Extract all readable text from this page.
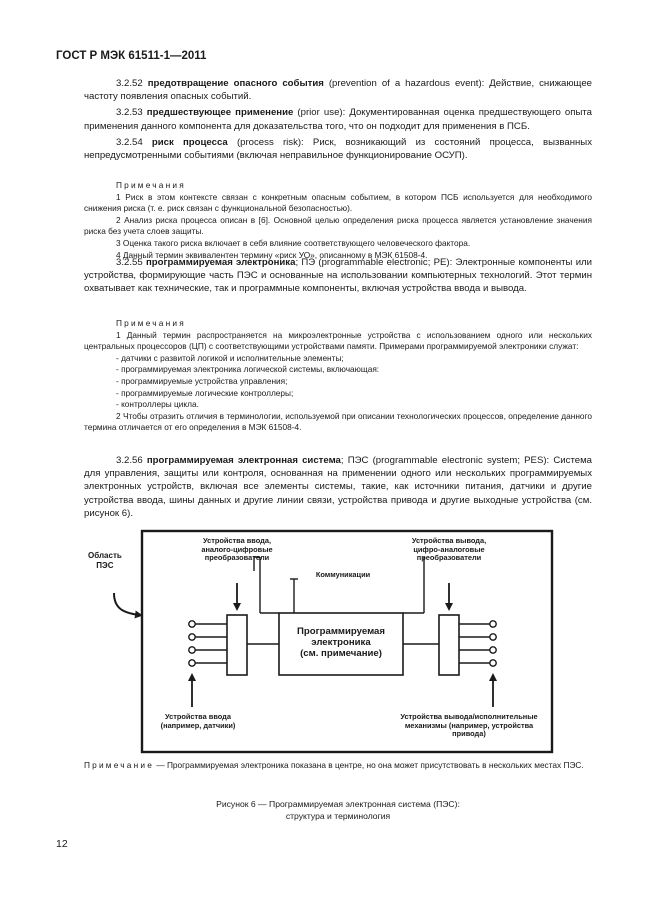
ГОСТ Р МЭК 61511-1—2011

3.2.52 предотвращение опасного события (prevention of a hazardous event): Действие, снижающее частоту появления опасных событий.

3.2.53 предшествующее применение (prior use): Документированная оценка предшествующего опыта применения данного компонента для доказательства того, что он подходит для применения в ПСБ.

3.2.54 риск процесса (process risk): Риск, возникающий из состояний процесса, вызванных непредусмотренными событиями (включая неправильное функционирование ОСУП).

Примечания

1 Риск в этом контексте связан с конкретным опасным событием, в котором ПСБ используется для необходимого снижения риска (т. е. риск связан с функциональной безопасностью).

2 Анализ риска процесса описан в [6]. Основной целью определения риска процесса является установление значения риска без учета слоев защиты.

3 Оценка такого риска включает в себя влияние соответствующего человеческого фактора.

4 Данный термин эквивалентен термину «риск УО», описанному в МЭК 61508-4.

3.2.55 программируемая электроника; ПЭ (programmable electronic; PE): Электронные компоненты или устройства, формирующие часть ПЭС и основанные на использовании компьютерных технологий. Этот термин охватывает как технические, так и программные компоненты, включая устройства ввода и вывода.

Примечания

1 Данный термин распространяется на микроэлектронные устройства с использованием одного или нескольких центральных процессоров (ЦП) с соответствующими устройствами памяти. Примерами программируемой электроники служат:

- датчики с развитой логикой и исполнительные элементы;

- программируемая электроника логической системы, включающая:

- программируемые устройства управления;

- программируемые логические контроллеры;

- контроллеры цикла.

2 Чтобы отразить отличия в терминологии, используемой при описании технологических процессов, определение данного термина отличается от его определения в МЭК 61508-4.

3.2.56 программируемая электронная система; ПЭС (programmable electronic system; PES): Система для управления, защиты или контроля, основанная на применении одного или нескольких программируемых электронных устройств, включая все элементы системы, такие, как источники питания, датчики и другие устройства ввода, шины данных и другие линии связи, устройства привода и другие выходные устройства (см. рисунок 6).

Область
ПЭС
Устройства ввода,
аналого-цифровые
преобразователи
Устройства вывода,
цифро-аналоговые
преобразователи
Коммуникации
Программируемая
электроника
(см. примечание)
Устройства ввода
(например, датчики)
Устройства вывода/исполнительные
механизмы (например, устройства
привода)
Примечание — Программируемая электроника показана в центре, но она может присутствовать в нескольких местах ПЭС.
Рисунок 6 — Программируемая электронная система (ПЭС):
структура и терминология
12
